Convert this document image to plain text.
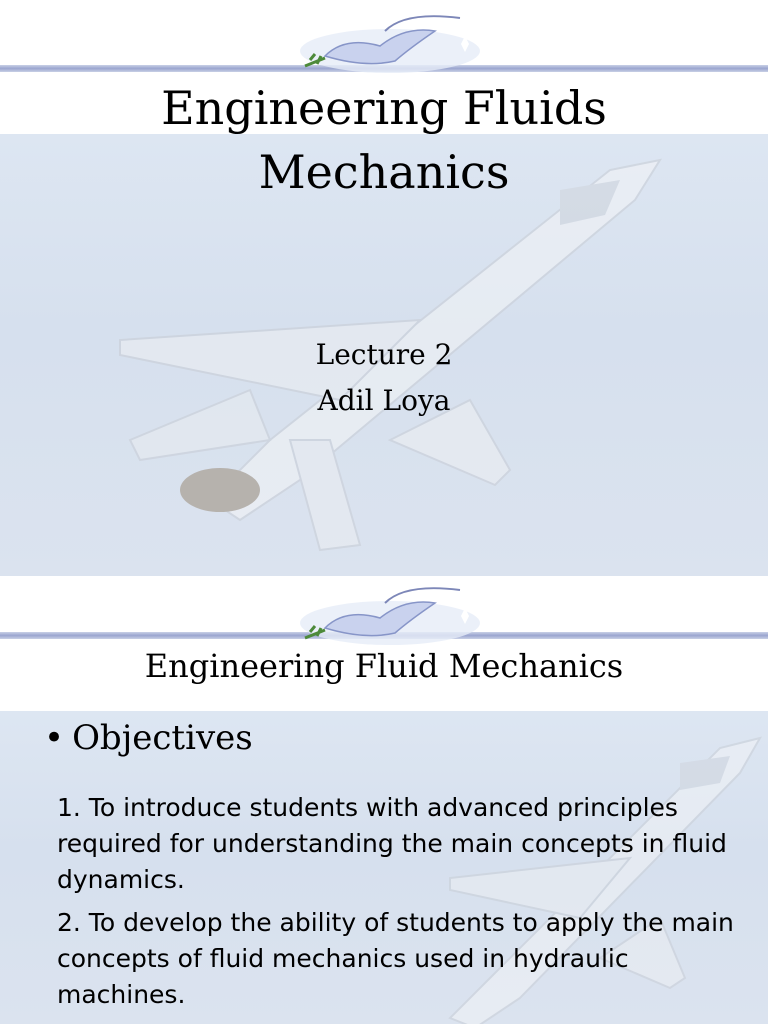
Engineering Fluids
Mechanics
Lecture 2
Adil Loya
Engineering Fluid Mechanics
• Objectives
1. To introduce students with advanced principles required for understanding the main concepts in fluid dynamics.
2. To develop the ability of students to apply the main concepts of fluid mechanics used in hydraulic machines.
